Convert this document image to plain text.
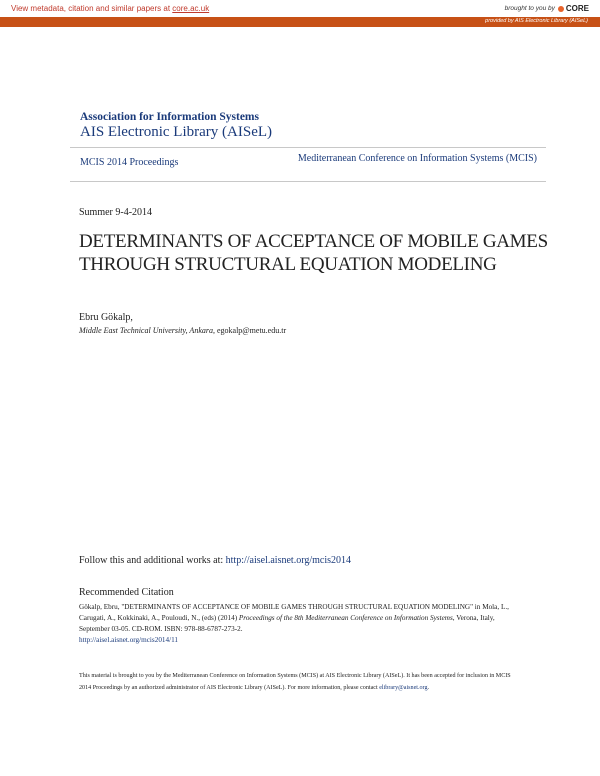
View metadata, citation and similar papers at core.ac.uk	brought to you by CORE
provided by AIS Electronic Library (AISeL)
Association for Information Systems
AIS Electronic Library (AISeL)
MCIS 2014 Proceedings	Mediterranean Conference on Information Systems (MCIS)
Summer 9-4-2014
DETERMINANTS OF ACCEPTANCE OF MOBILE GAMES THROUGH STRUCTURAL EQUATION MODELING
Ebru Gökalp,
Middle East Technical University, Ankara, egokalp@metu.edu.tr
Follow this and additional works at: http://aisel.aisnet.org/mcis2014
Recommended Citation
Gökalp, Ebru, "DETERMINANTS OF ACCEPTANCE OF MOBILE GAMES THROUGH STRUCTURAL EQUATION MODELING" in Mola, L., Carugati, A., Kokkinaki, A., Pouloudi, N., (eds) (2014) Proceedings of the 8th Mediterranean Conference on Information Systems, Verona, Italy, September 03-05. CD-ROM. ISBN: 978-88-6787-273-2.
http://aisel.aisnet.org/mcis2014/11
This material is brought to you by the Mediterranean Conference on Information Systems (MCIS) at AIS Electronic Library (AISeL). It has been accepted for inclusion in MCIS 2014 Proceedings by an authorized administrator of AIS Electronic Library (AISeL). For more information, please contact elibrary@aisnet.org.
